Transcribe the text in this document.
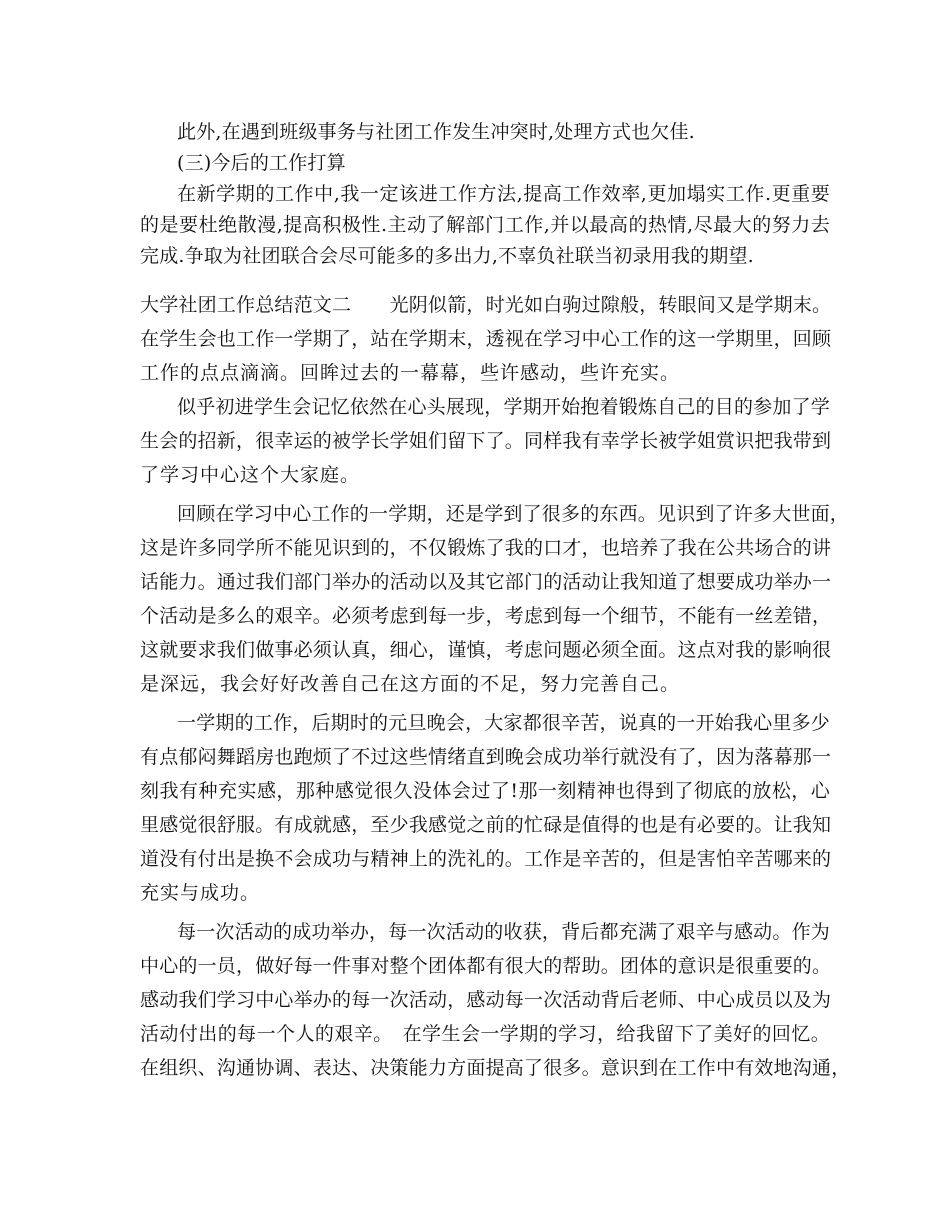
此外,在遇到班级事务与社团工作发生冲突时,处理方式也欠佳.
(三)今后的工作打算
在新学期的工作中,我一定该进工作方法,提高工作效率,更加塌实工作.更重要
的是要杜绝散漫,提高积极性.主动了解部门工作,并以最高的热情,尽最大的努力去
完成.争取为社团联合会尽可能多的多出力,不辜负社联当初录用我的期望.
大学社团工作总结范文二　　光阴似箭，时光如白驹过隙般，转眼间又是学期末。
在学生会也工作一学期了，站在学期末，透视在学习中心工作的这一学期里，回顾
工作的点点滴滴。回眸过去的一幕幕，些许感动，些许充实。
似乎初进学生会记忆依然在心头展现，学期开始抱着锻炼自己的目的参加了学
生会的招新，很幸运的被学长学姐们留下了。同样我有幸学长被学姐赏识把我带到
了学习中心这个大家庭。
回顾在学习中心工作的一学期，还是学到了很多的东西。见识到了许多大世面，
这是许多同学所不能见识到的，不仅锻炼了我的口才，也培养了我在公共场合的讲
话能力。通过我们部门举办的活动以及其它部门的活动让我知道了想要成功举办一
个活动是多么的艰辛。必须考虑到每一步，考虑到每一个细节，不能有一丝差错，
这就要求我们做事必须认真，细心，谨慎，考虑问题必须全面。这点对我的影响很
是深远，我会好好改善自己在这方面的不足，努力完善自己。
一学期的工作，后期时的元旦晚会，大家都很辛苦，说真的一开始我心里多少
有点郁闷舞蹈房也跑烦了不过这些情绪直到晚会成功举行就没有了，因为落幕那一
刻我有种充实感，那种感觉很久没体会过了!那一刻精神也得到了彻底的放松，心
里感觉很舒服。有成就感，至少我感觉之前的忙碌是值得的也是有必要的。让我知
道没有付出是换不会成功与精神上的洗礼的。工作是辛苦的，但是害怕辛苦哪来的
充实与成功。
每一次活动的成功举办，每一次活动的收获，背后都充满了艰辛与感动。作为
中心的一员，做好每一件事对整个团体都有很大的帮助。团体的意识是很重要的。
感动我们学习中心举办的每一次活动，感动每一次活动背后老师、中心成员以及为
活动付出的每一个人的艰辛。　在学生会一学期的学习，给我留下了美好的回忆。
在组织、沟通协调、表达、决策能力方面提高了很多。意识到在工作中有效地沟通，
